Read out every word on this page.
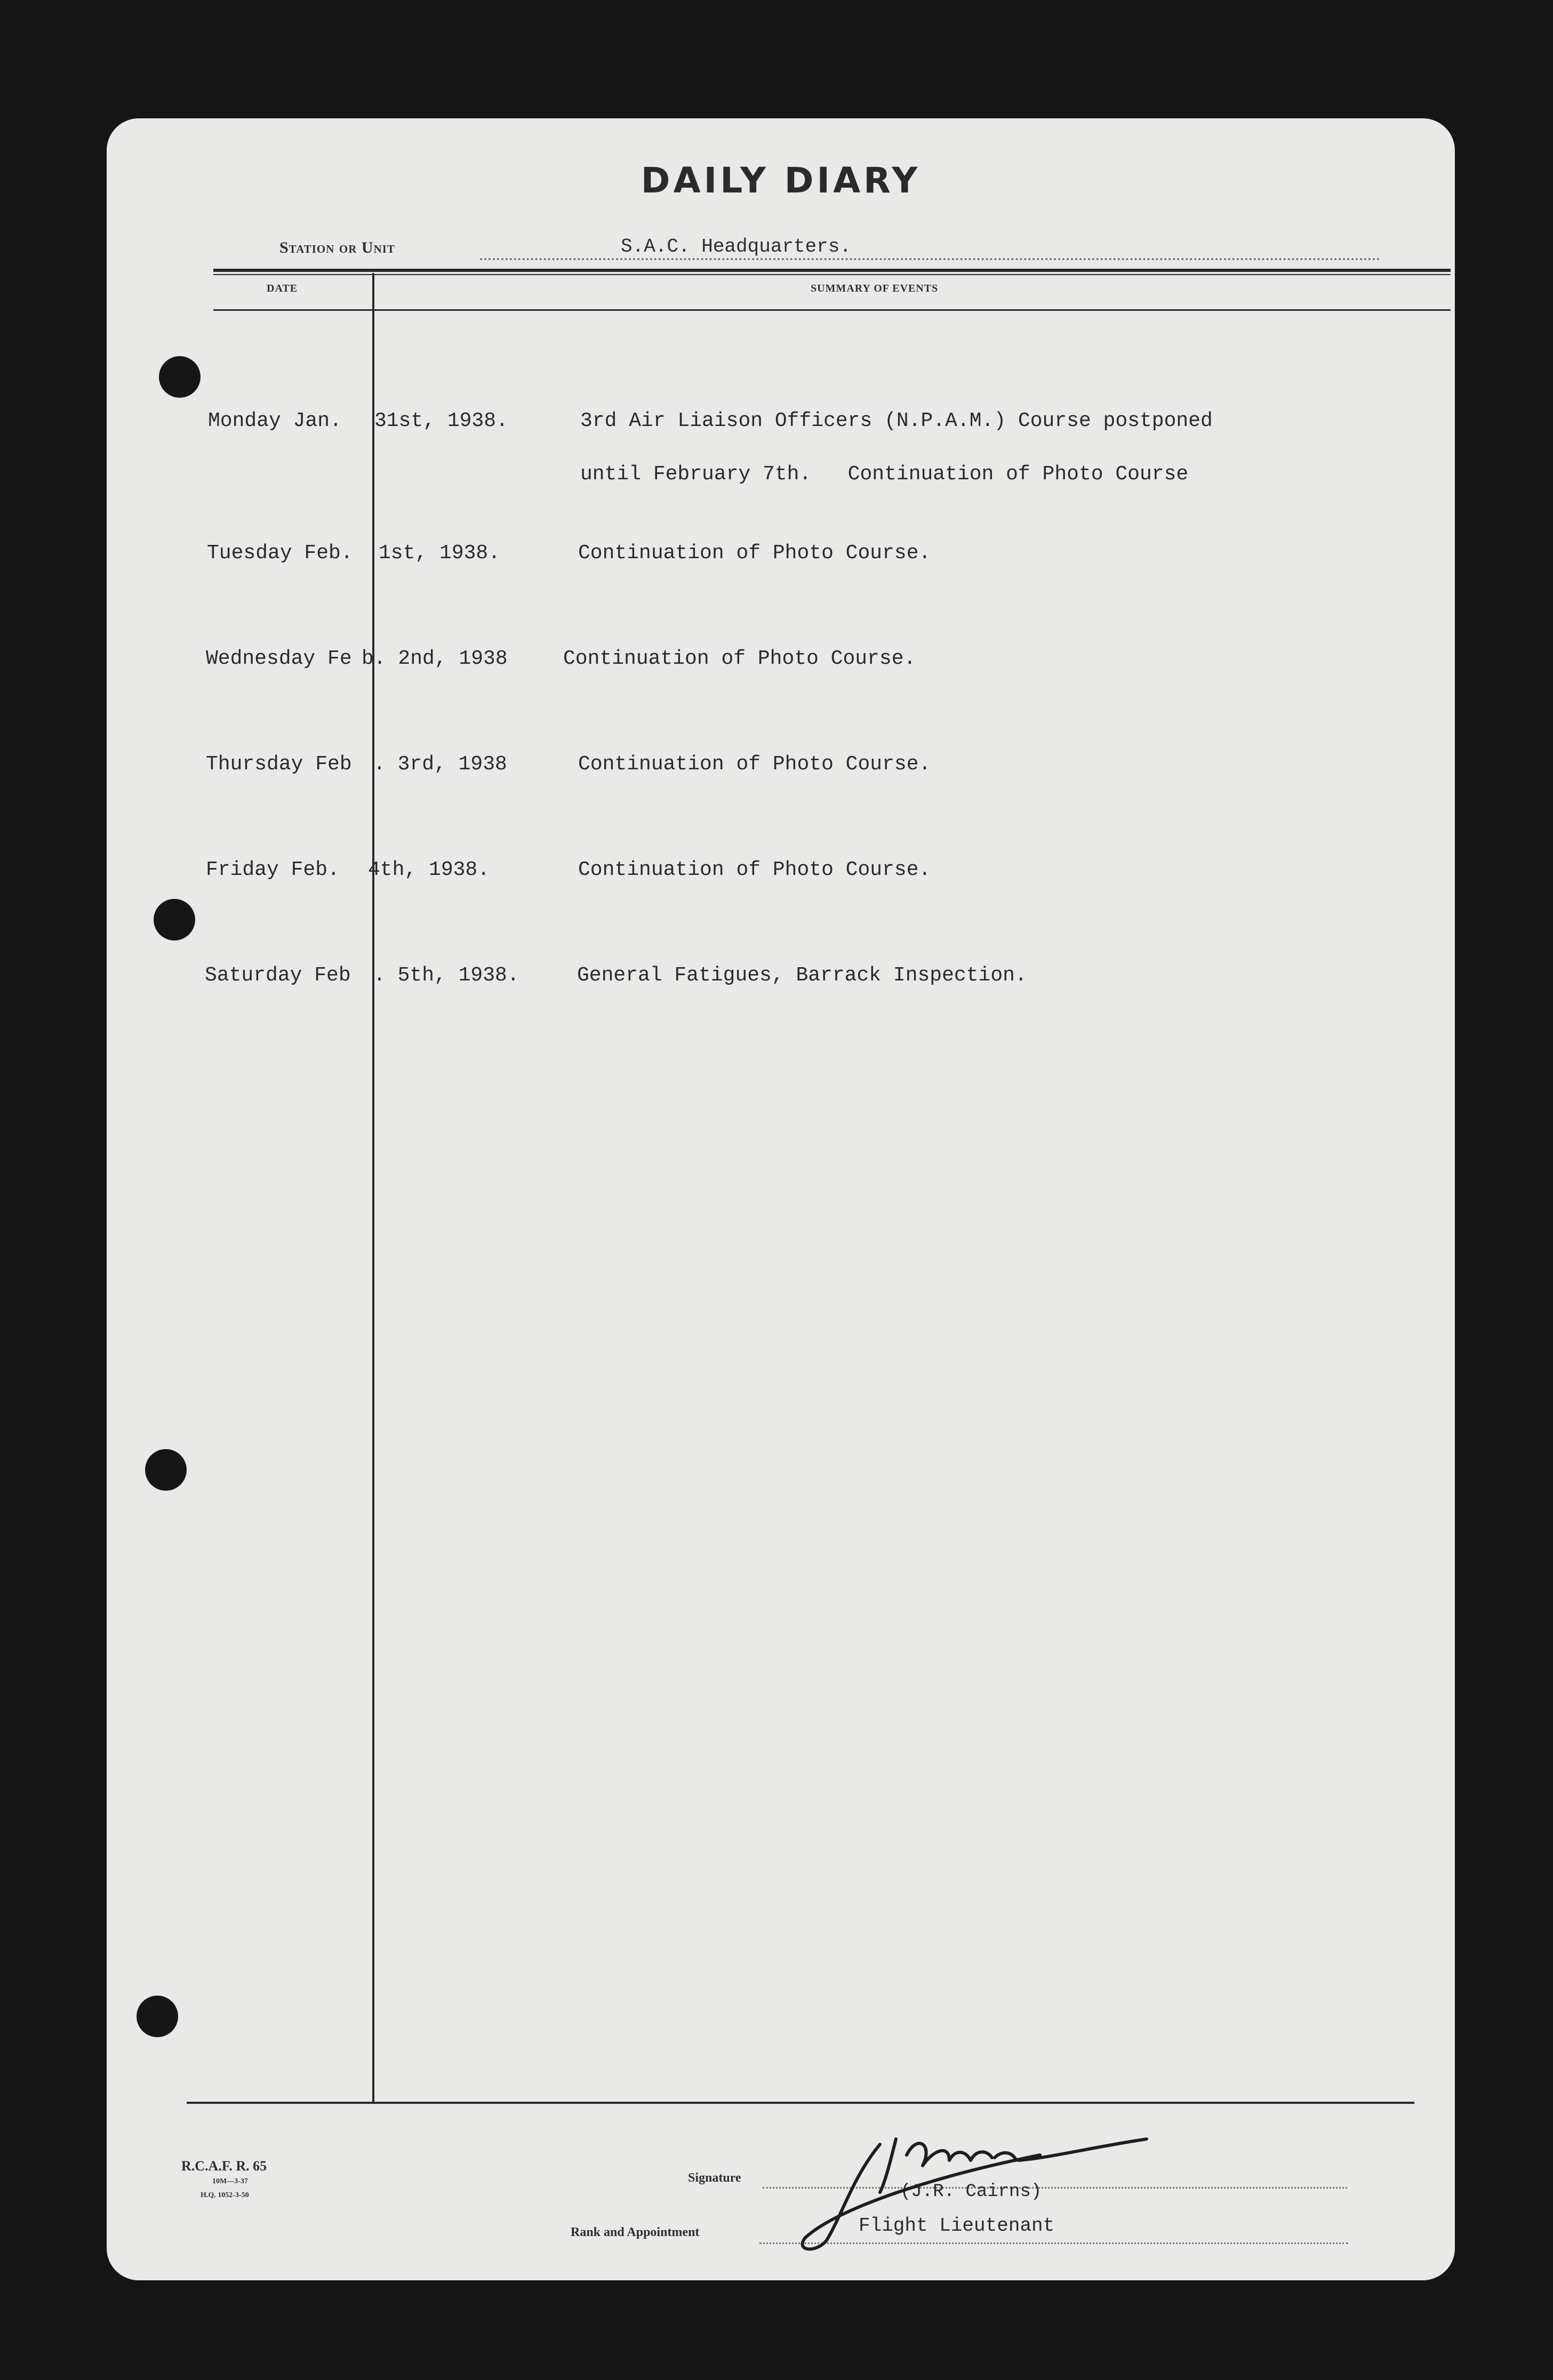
DAILY DIARY
Station or Unit	S.A.C. Headquarters.
DATE	SUMMARY OF EVENTS
Monday Jan. 31st, 1938.	3rd Air Liaison Officers (N.P.A.M.) Course postponed
until February 7th.   Continuation of Photo Course
Tuesday Feb. 1st, 1938.	Continuation of Photo Course.
Wednesday Fe b. 2nd, 1938	Continuation of Photo Course.
Thursday Feb . 3rd, 1938	Continuation of Photo Course.
Friday Feb. 4th, 1938.	Continuation of Photo Course.
Saturday Feb . 5th, 1938.	General Fatigues, Barrack Inspection.
R.C.A.F. R. 65
10M—3-37
H.Q. 1052-3-50
Signature
Rank and Appointment
(J.R. Cairns)
Flight Lieutenant
